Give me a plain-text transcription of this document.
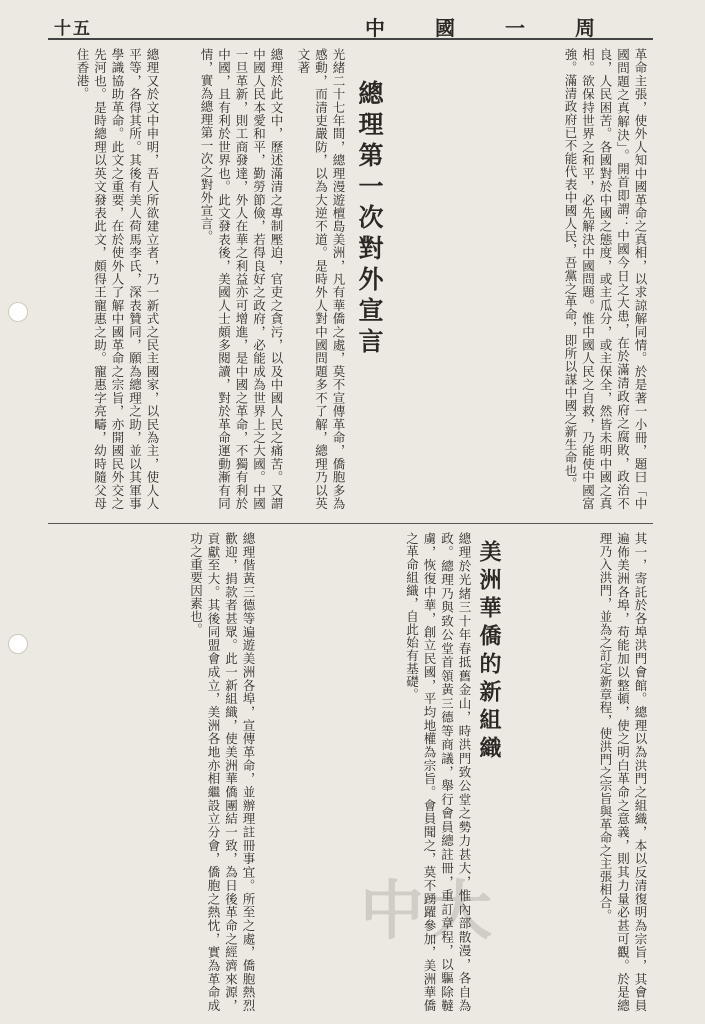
十五	中國一周
總理第一次對外宣言
光緒二十七年間，總理漫遊檀島美洲，凡有華僑之處，莫不宣傳革命，僑胞多為感動，而清吏嚴防，以為大逆不道。是時外人對中國問題多不了解，總理乃以英文著	革命主張，使外人知中國革命之真相，以求諒解同情。於是著一小冊，題曰「中國問題之真解決」。開首即謂：中國今日之大患，在於滿清政府之腐敗，政治不良，人民困苦。各國對於中國之態度，或主瓜分，或主保全，然皆未明中國之真相。欲保持世界之和平，必先解決中國問題。惟中國人民之自救，乃能使中國富強。滿清政府已不能代表中國人民，吾黨之革命，即所以謀中國之新生命也。
總理於此文中，歷述滿清之專制壓迫，官吏之貪污，以及中國人民之痛苦。又謂中國人民本愛和平，勤勞節儉，若得良好之政府，必能成為世界上之大國。中國一旦革新，則工商發達，外人在華之利益亦可增進，是中國之革命，不獨有利於中國，且有利於世界也。此文發表後，美國人士頗多閱讀，對於革命運動漸有同情，實為總理第一次之對外宣言。
總理又於文中申明，吾人所欲建立者，乃一新式之民主國家，以民為主，使人人平等，各得其所。其後有美人荷馬李氏，深表贊同，願為總理之助，並以其軍事學識協助革命。此文之重要，在於使外人了解中國革命之宗旨，亦開國民外交之先河也。是時總理以英文發表此文，頗得王寵惠之助。寵惠字亮疇，幼時隨父母住香港。
美洲華僑的新組織	其一，寄託於各埠洪門會館。總理以為洪門之組織，本以反清復明為宗旨，其會員遍佈美洲各埠，苟能加以整頓，使之明白革命之意義，則其力量必甚可觀。於是總理乃入洪門，並為之訂定新章程，使洪門之宗旨與革命之主張相合。
總理於光緒三十年春抵舊金山，時洪門致公堂之勢力甚大，惟內部散漫，各自為政。總理乃與致公堂首領黃三德等商議，舉行會員總註冊，重訂章程，以驅除韃虜，恢復中華，創立民國，平均地權為宗旨。會員聞之，莫不踴躍參加，美洲華僑之革命組織，自此始有基礎。
總理偕黃三德等遍遊美洲各埠，宣傳革命，並辦理註冊事宜。所至之處，僑胞熱烈歡迎，捐款者甚眾。此一新組織，使美洲華僑團結一致，為日後革命之經濟來源，貢獻至大。其後同盟會成立，美洲各地亦相繼設立分會，僑胞之熱忱，實為革命成功之重要因素也。
中大
